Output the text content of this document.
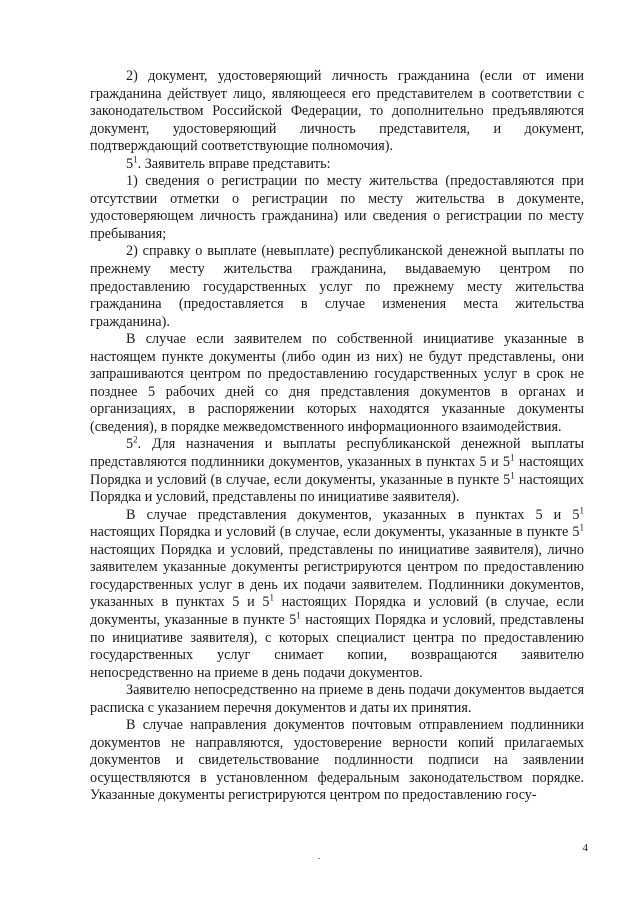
2) документ, удостоверяющий личность гражданина (если от имени гражданина действует лицо, являющееся его представителем в соответствии с законодательством Российской Федерации, то дополнительно предъявляются документ, удостоверяющий личность представителя, и документ, подтверждающий соответствующие полномочия).

$5^1$. Заявитель вправе представить:

1) сведения о регистрации по месту жительства (предоставляются при отсутствии отметки о регистрации по месту жительства в документе, удостоверяющем личность гражданина) или сведения о регистрации по месту пребывания;

2) справку о выплате (невыплате) республиканской денежной выплаты по прежнему месту жительства гражданина, выдаваемую центром по предоставлению государственных услуг по прежнему месту жительства гражданина (предоставляется в случае изменения места жительства гражданина).

В случае если заявителем по собственной инициативе указанные в настоящем пункте документы (либо один из них) не будут представлены, они запрашиваются центром по предоставлению государственных услуг в срок не позднее 5 рабочих дней со дня представления документов в органах и организациях, в распоряжении которых находятся указанные документы (сведения), в порядке межведомственного информационного взаимодействия.

$5^2$. Для назначения и выплаты республиканской денежной выплаты представляются подлинники документов, указанных в пунктах 5 и $5^1$ настоящих Порядка и условий (в случае, если документы, указанные в пункте $5^1$ настоящих Порядка и условий, представлены по инициативе заявителя).

В случае представления документов, указанных в пунктах 5 и $5^1$ настоящих Порядка и условий (в случае, если документы, указанные в пункте $5^1$ настоящих Порядка и условий, представлены по инициативе заявителя), лично заявителем указанные документы регистрируются центром по предоставлению государственных услуг в день их подачи заявителем. Подлинники документов, указанных в пунктах 5 и $5^1$ настоящих Порядка и условий (в случае, если документы, указанные в пункте $5^1$ настоящих Порядка и условий, представлены по инициативе заявителя), с которых специалист центра по предоставлению государственных услуг снимает копии, возвращаются заявителю непосредственно на приеме в день подачи документов.

Заявителю непосредственно на приеме в день подачи документов выдается расписка с указанием перечня документов и даты их принятия.

В случае направления документов почтовым отправлением подлинники документов не направляются, удостоверение верности копий прилагаемых документов и свидетельствование подлинности подписи на заявлении осуществляются в установленном федеральным законодательством порядке. Указанные документы регистрируются центром по предоставлению госу-

4
